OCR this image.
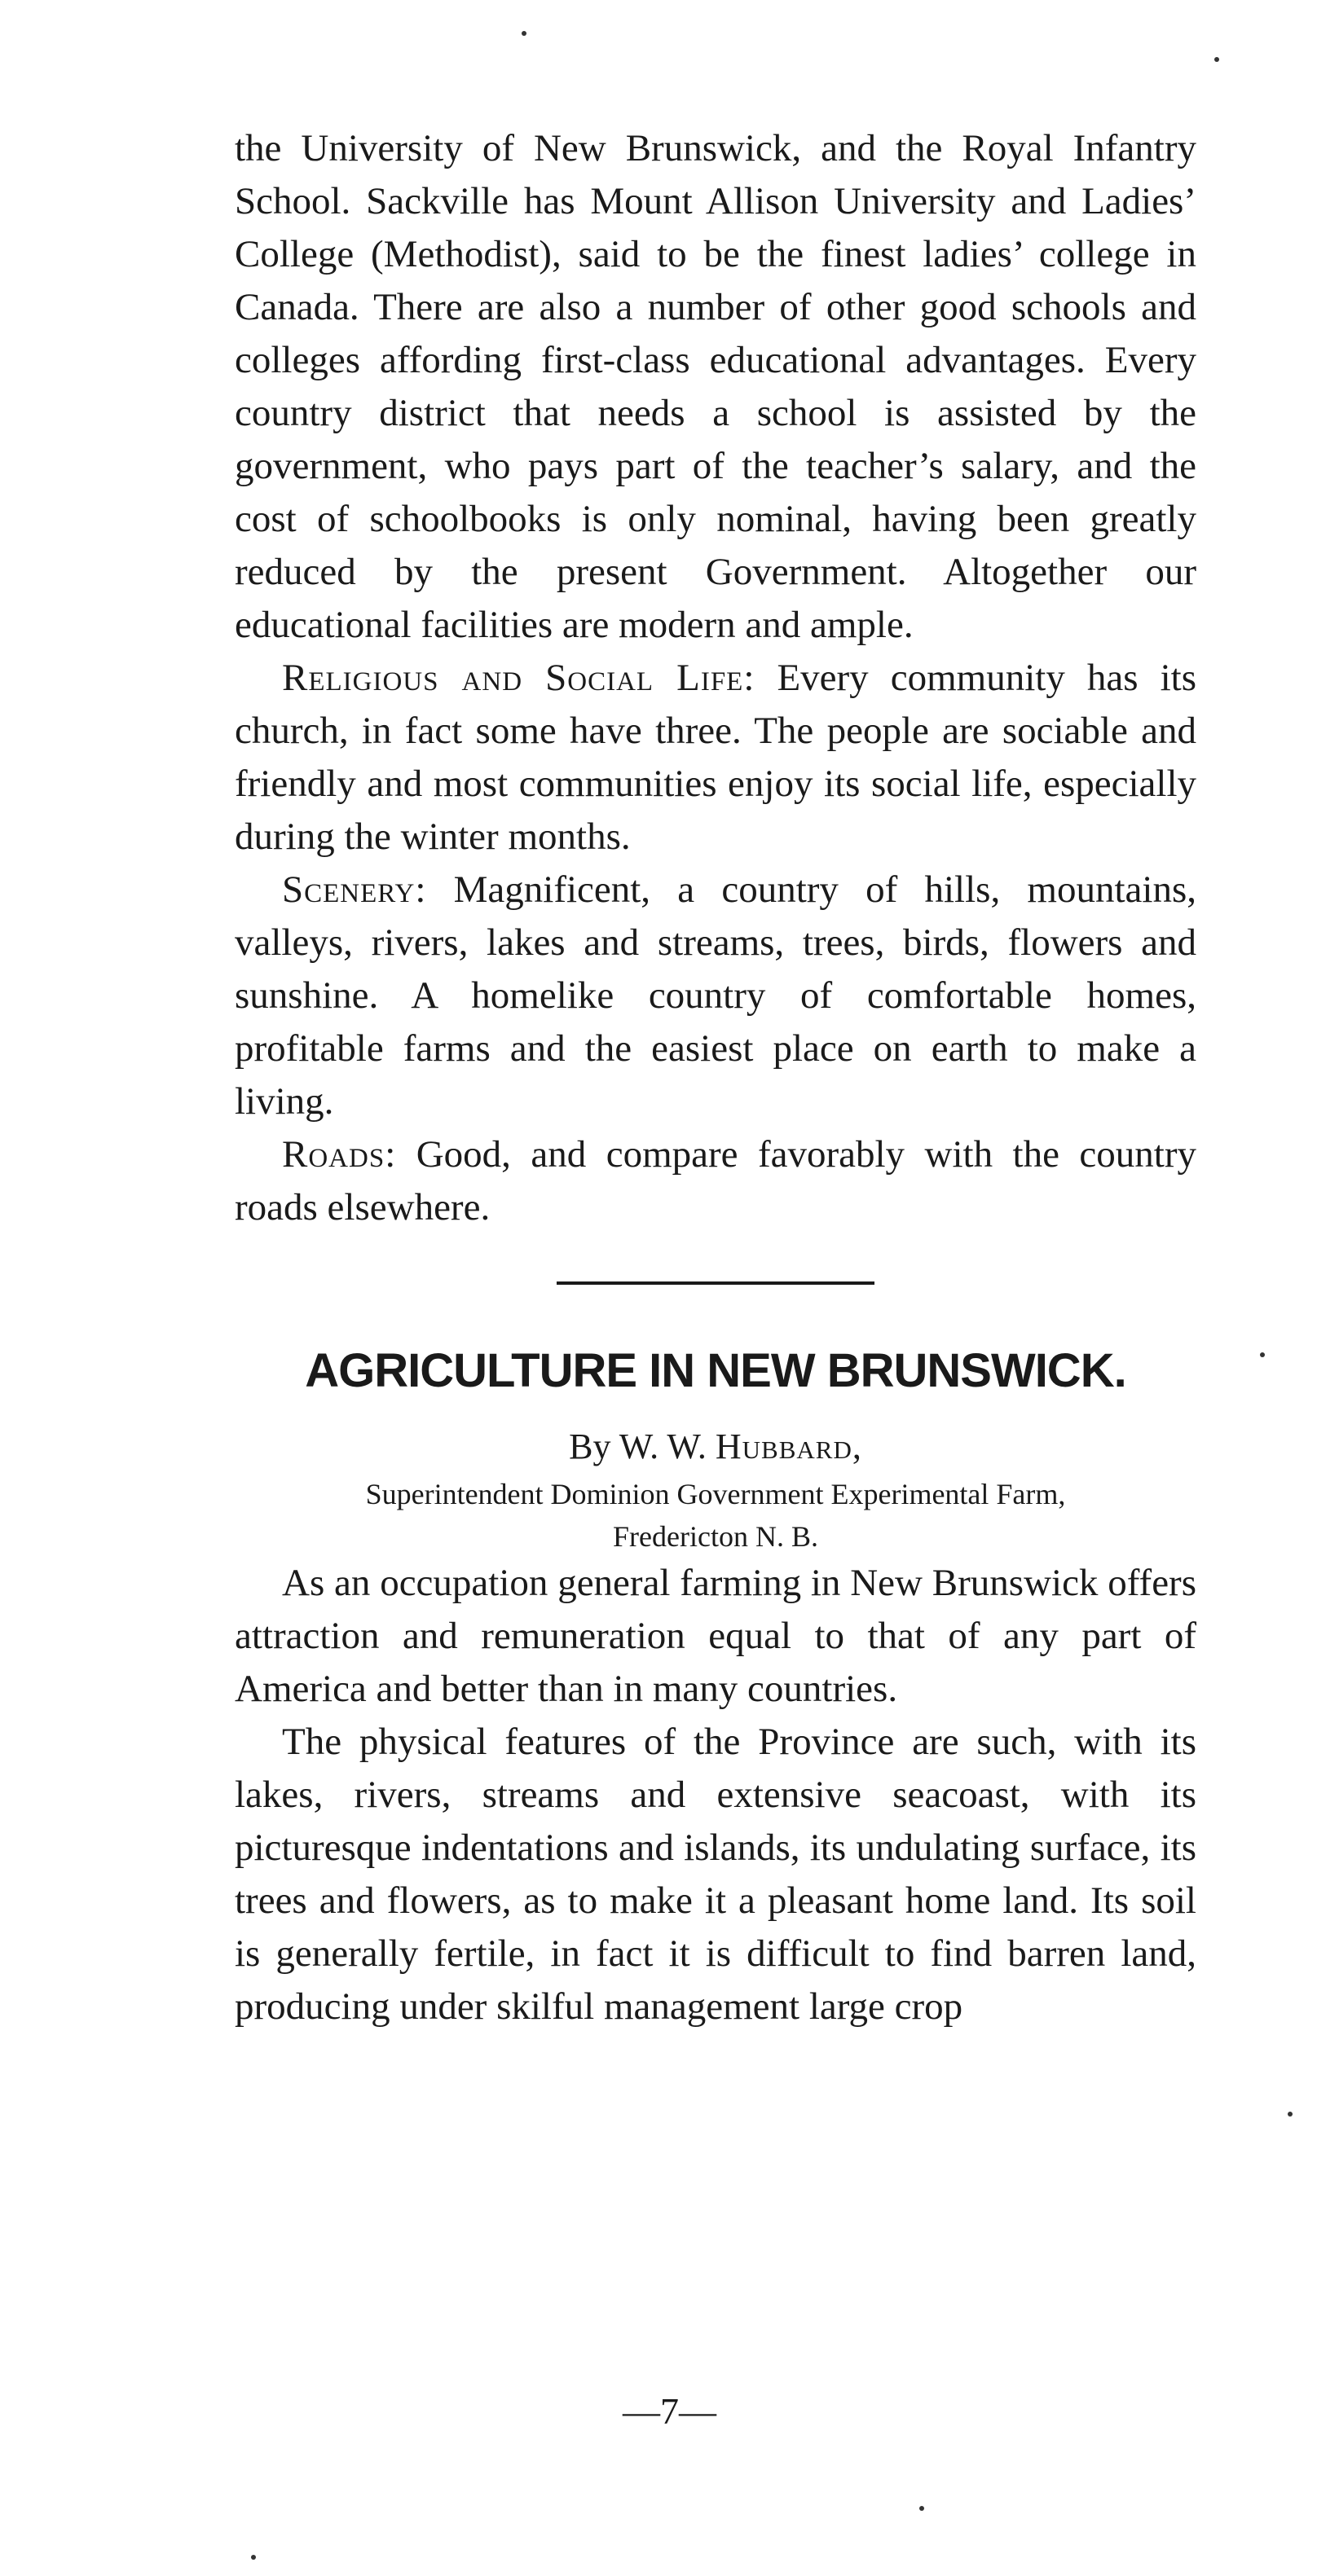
the University of New Brunswick, and the Royal Infantry School. Sackville has Mount Allison University and Ladies’ College (Methodist), said to be the finest ladies’ college in Canada. There are also a number of other good schools and colleges affording first-class educational advantages. Every country district that needs a school is assisted by the government, who pays part of the teacher’s salary, and the cost of schoolbooks is only nominal, having been greatly reduced by the present Government. Altogether our educational facilities are modern and ample.

Religious and Social Life: Every community has its church, in fact some have three. The people are sociable and friendly and most communities enjoy its social life, especially during the winter months.

Scenery: Magnificent, a country of hills, mountains, valleys, rivers, lakes and streams, trees, birds, flowers and sunshine. A homelike country of comfortable homes, profitable farms and the easiest place on earth to make a living.

Roads: Good, and compare favorably with the country roads elsewhere.

AGRICULTURE IN NEW BRUNSWICK.

By W. W. Hubbard,

Superintendent Dominion Government Experimental Farm,

Fredericton N. B.

As an occupation general farming in New Brunswick offers attraction and remuneration equal to that of any part of America and better than in many countries.

The physical features of the Province are such, with its lakes, rivers, streams and extensive seacoast, with its picturesque indentations and islands, its undulating surface, its trees and flowers, as to make it a pleasant home land. Its soil is generally fertile, in fact it is difficult to find barren land, producing under skilful management large crop

—7—
